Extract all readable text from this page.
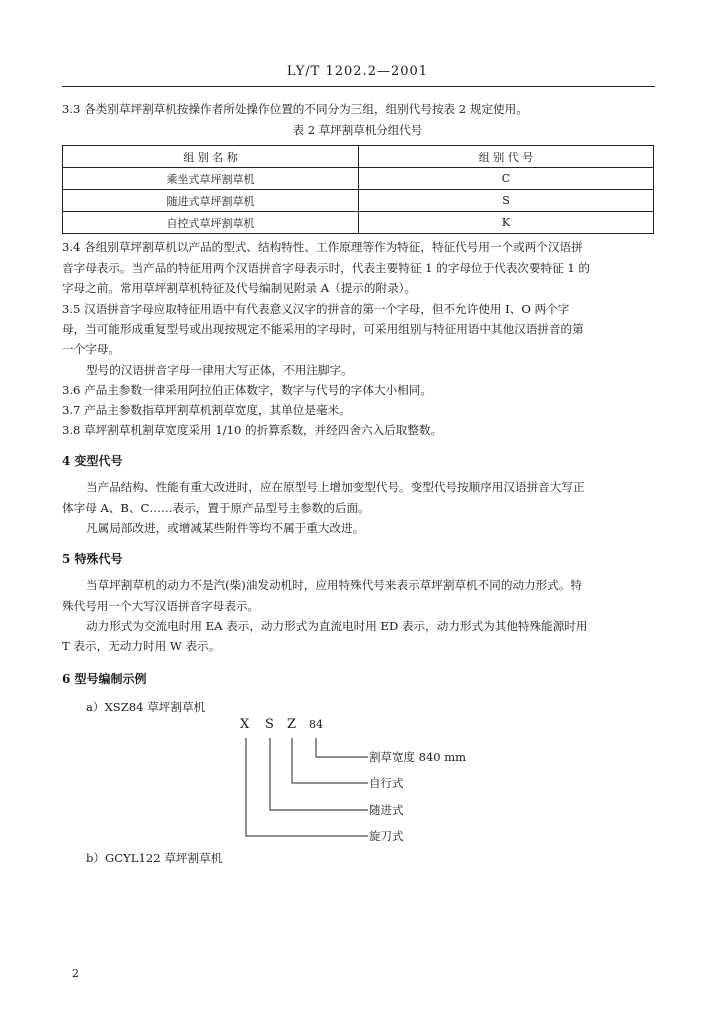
LY/T 1202.2—2001
3.3 各类别草坪割草机按操作者所处操作位置的不同分为三组，组别代号按表 2 规定使用。
表 2 草坪割草机分组代号
组 别 名 称	组 别 代 号
乘坐式草坪割草机	C
随进式草坪割草机	S
自控式草坪割草机	K
3.4 各组别草坪割草机以产品的型式、结构特性、工作原理等作为特征，特征代号用一个或两个汉语拼
音字母表示。当产品的特征用两个汉语拼音字母表示时，代表主要特征 1 的字母位于代表次要特征 1 的
字母之前。常用草坪割草机特征及代号编制见附录 A（提示的附录）。
3.5 汉语拼音字母应取特征用语中有代表意义汉字的拼音的第一个字母，但不允许使用 I、O 两个字
母，当可能形成重复型号或出现按规定不能采用的字母时，可采用组别与特征用语中其他汉语拼音的第
一个字母。
型号的汉语拼音字母一律用大写正体，不用注脚字。
3.6 产品主参数一律采用阿拉伯正体数字，数字与代号的字体大小相同。
3.7 产品主参数指草坪割草机割草宽度，其单位是毫米。
3.8 草坪割草机割草宽度采用 1/10 的折算系数，并经四舍六入后取整数。
4 变型代号
当产品结构、性能有重大改进时，应在原型号上增加变型代号。变型代号按顺序用汉语拼音大写正
体字母 A、B、C……表示，置于原产品型号主参数的后面。
凡属局部改进，或增减某些附件等均不属于重大改进。
5 特殊代号
当草坪割草机的动力不是汽(柴)油发动机时，应用特殊代号来表示草坪割草机不同的动力形式。特
殊代号用一个大写汉语拼音字母表示。
动力形式为交流电时用 EA 表示，动力形式为直流电时用 ED 表示，动力形式为其他特殊能源时用
T 表示，无动力时用 W 表示。
6 型号编制示例
a）XSZ84 草坪割草机
X S Z 84
割草宽度 840 mm
自行式
随进式
旋刀式
b）GCYL122 草坪割草机
2
